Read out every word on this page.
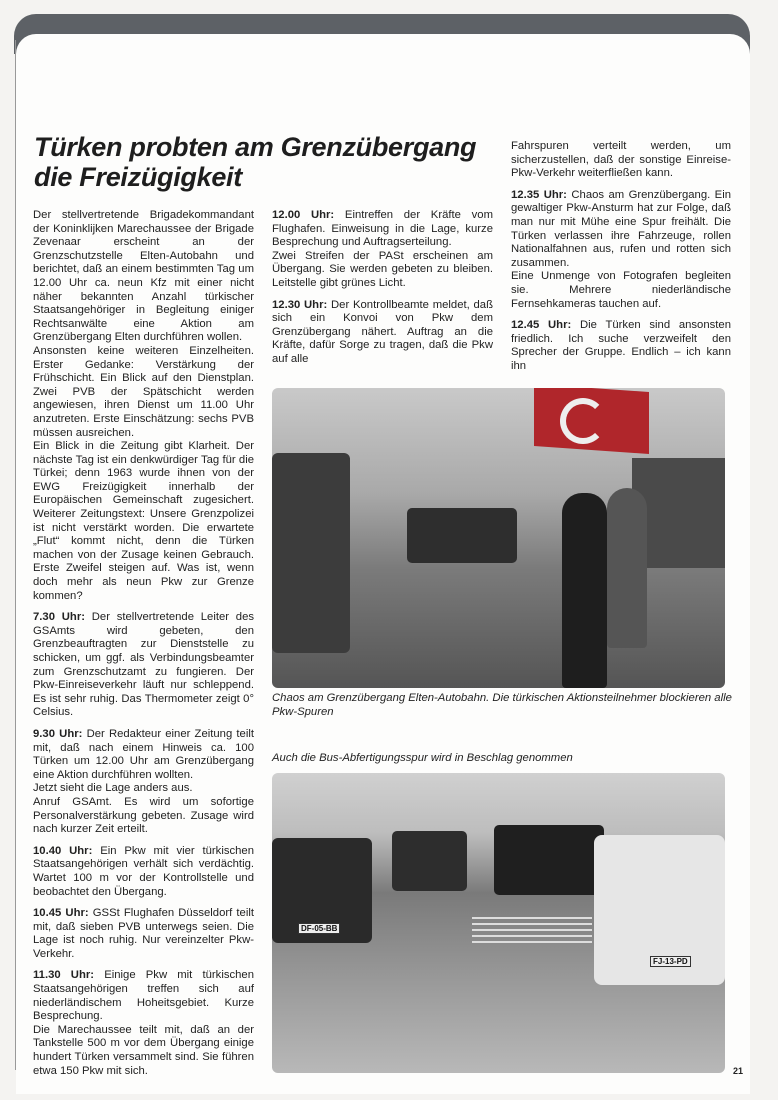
Türken probten am Grenzübergang die Freizügigkeit

Der stellvertretende Brigadekommandant der Koninklijken Marechaussee der Brigade Zevenaar erscheint an der Grenzschutzstelle Elten-Autobahn und berichtet, daß an einem bestimmten Tag um 12.00 Uhr ca. neun Kfz mit einer nicht näher bekannten Anzahl türkischer Staatsangehöriger in Begleitung einiger Rechtsanwälte eine Aktion am Grenzübergang Elten durchführen wollen.

Ansonsten keine weiteren Einzelheiten. Erster Gedanke: Verstärkung der Frühschicht. Ein Blick auf den Dienstplan. Zwei PVB der Spätschicht werden angewiesen, ihren Dienst um 11.00 Uhr anzutreten. Erste Einschätzung: sechs PVB müssen ausreichen.

Ein Blick in die Zeitung gibt Klarheit. Der nächste Tag ist ein denkwürdiger Tag für die Türkei; denn 1963 wurde ihnen von der EWG Freizügigkeit innerhalb der Europäischen Gemeinschaft zugesichert. Weiterer Zeitungstext: Unsere Grenzpolizei ist nicht verstärkt worden. Die erwartete „Flut“ kommt nicht, denn die Türken machen von der Zusage keinen Gebrauch. Erste Zweifel steigen auf. Was ist, wenn doch mehr als neun Pkw zur Grenze kommen?

7.30 Uhr: Der stellvertretende Leiter des GSAmts wird gebeten, den Grenzbeauftragten zur Dienststelle zu schicken, um ggf. als Verbindungsbeamter zum Grenzschutzamt zu fungieren. Der Pkw-Einreiseverkehr läuft nur schleppend. Es ist sehr ruhig. Das Thermometer zeigt 0° Celsius.

9.30 Uhr: Der Redakteur einer Zeitung teilt mit, daß nach einem Hinweis ca. 100 Türken um 12.00 Uhr am Grenzübergang eine Aktion durchführen wollten.

Jetzt sieht die Lage anders aus.

Anruf GSAmt. Es wird um sofortige Personalverstärkung gebeten. Zusage wird nach kurzer Zeit erteilt.

10.40 Uhr: Ein Pkw mit vier türkischen Staatsangehörigen verhält sich verdächtig. Wartet 100 m vor der Kontrollstelle und beobachtet den Übergang.

10.45 Uhr: GSSt Flughafen Düsseldorf teilt mit, daß sieben PVB unterwegs seien. Die Lage ist noch ruhig. Nur vereinzelter Pkw-Verkehr.

11.30 Uhr: Einige Pkw mit türkischen Staatsangehörigen treffen sich auf niederländischem Hoheitsgebiet. Kurze Besprechung.

Die Marechaussee teilt mit, daß an der Tankstelle 500 m vor dem Übergang einige hundert Türken versammelt sind. Sie führen etwa 150 Pkw mit sich.

12.00 Uhr: Eintreffen der Kräfte vom Flughafen. Einweisung in die Lage, kurze Besprechung und Auftragserteilung.

Zwei Streifen der PASt erscheinen am Übergang. Sie werden gebeten zu bleiben. Leitstelle gibt grünes Licht.

12.30 Uhr: Der Kontrollbeamte meldet, daß sich ein Konvoi von Pkw dem Grenzübergang nähert. Auftrag an die Kräfte, dafür Sorge zu tragen, daß die Pkw auf alle

Fahrspuren verteilt werden, um sicherzustellen, daß der sonstige Einreise-Pkw-Verkehr weiterfließen kann.

12.35 Uhr: Chaos am Grenzübergang. Ein gewaltiger Pkw-Ansturm hat zur Folge, daß man nur mit Mühe eine Spur freihält. Die Türken verlassen ihre Fahrzeuge, rollen Nationalfahnen aus, rufen und rotten sich zusammen.

Eine Unmenge von Fotografen begleiten sie. Mehrere niederländische Fernsehkameras tauchen auf.

12.45 Uhr: Die Türken sind ansonsten friedlich. Ich suche verzweifelt den Sprecher der Gruppe. Endlich – ich kann ihn

Chaos am Grenzübergang Elten-Autobahn. Die türkischen Aktionsteilnehmer blockieren alle Pkw-Spuren
Auch die Bus-Abfertigungsspur wird in Beschlag genommen
DF-05-BB
FJ-13-PD
21
